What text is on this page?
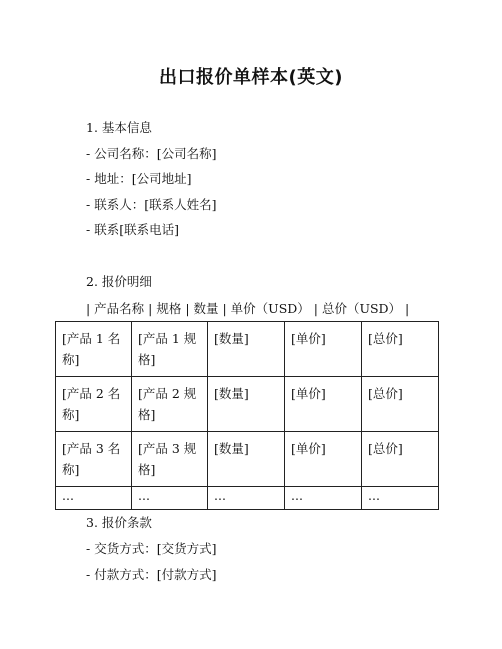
出口报价单样本(英文)
1. 基本信息
- 公司名称：[公司名称]
- 地址：[公司地址]
- 联系人：[联系人姓名]
- 联系[联系电话]
2. 报价明细
| 产品名称 | 规格 | 数量 | 单价（USD） | 总价（USD） |
[产品 1 名称]	[产品 1 规格]	[数量]	[单价]	[总价]
[产品 2 名称]	[产品 2 规格]	[数量]	[单价]	[总价]
[产品 3 名称]	[产品 3 规格]	[数量]	[单价]	[总价]
...	...	...	...	...
3. 报价条款
- 交货方式：[交货方式]
- 付款方式：[付款方式]
